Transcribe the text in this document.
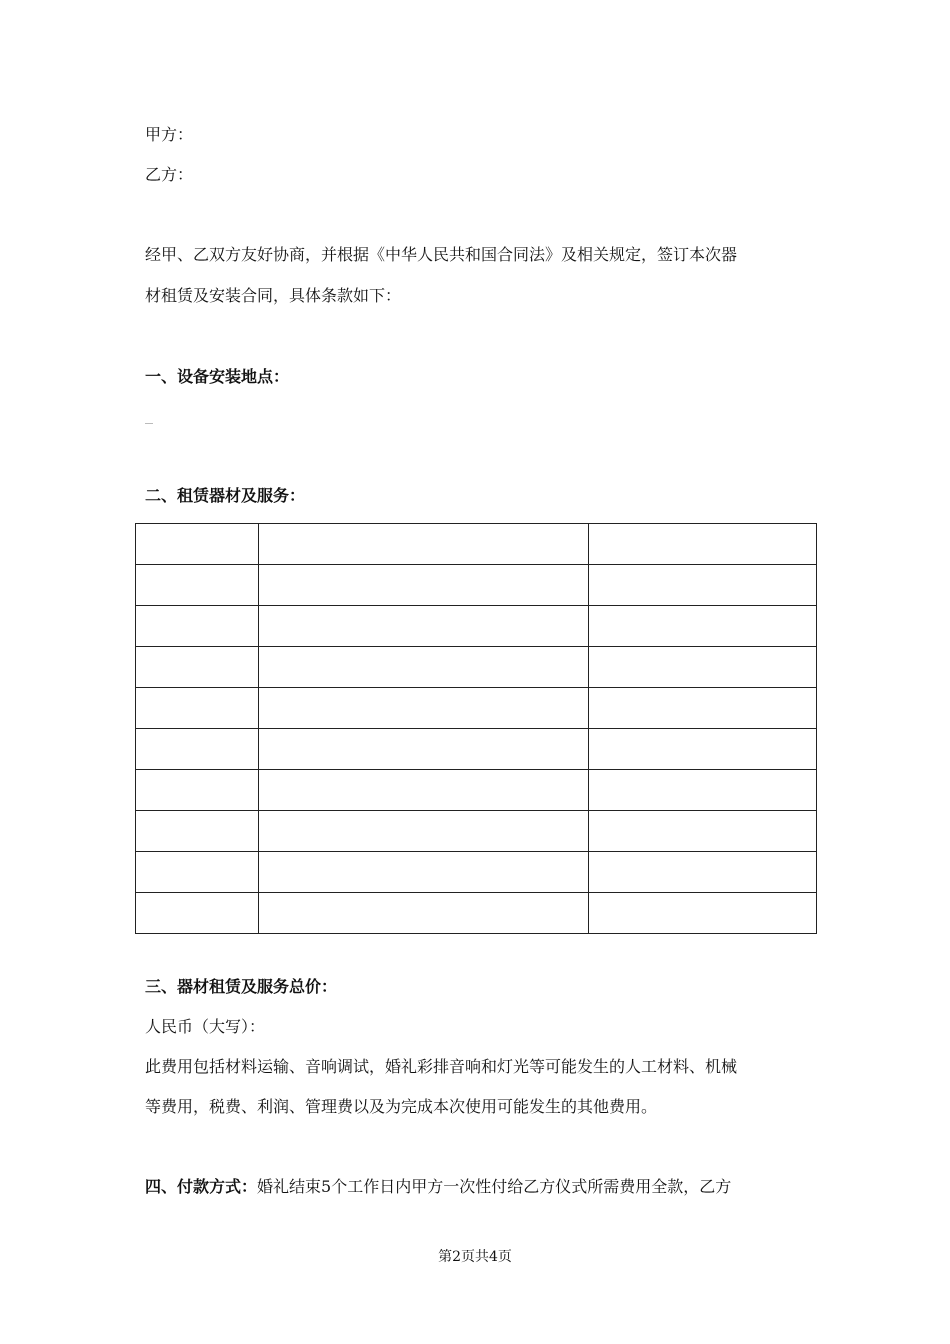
甲方：
乙方：
经甲、乙双方友好协商，并根据《中华人民共和国合同法》及相关规定，签订本次器
材租赁及安装合同，具体条款如下：
一、设备安装地点：
二、租赁器材及服务：

三、器材租赁及服务总价：
人民币（大写）：
此费用包括材料运输、音响调试，婚礼彩排音响和灯光等可能发生的人工材料、机械
等费用，税费、利润、管理费以及为完成本次使用可能发生的其他费用。
四、付款方式：婚礼结束5个工作日内甲方一次性付给乙方仪式所需费用全款，乙方
第2页共4页
